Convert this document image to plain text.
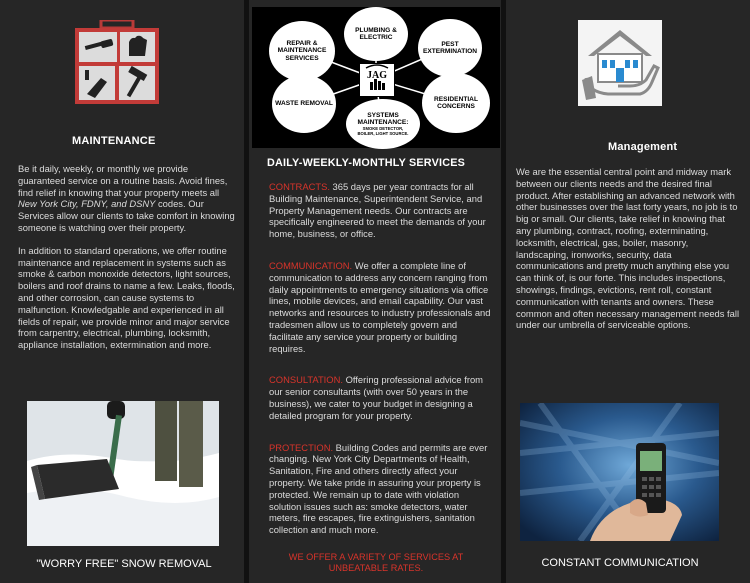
MAINTENANCE

Be it daily, weekly, or monthly we provide guaranteed service on a routine basis. Avoid fines, find relief in knowing that your property meets all New York City, FDNY, and DSNY codes. Our Services allow our clients to take comfort in knowing someone is watching over their property.

In addition to standard operations, we offer routine maintenance and replacement in systems such as smoke & carbon monoxide detectors, light sources, boilers and roof drains to name a few. Leaks, floods, and other corrosion, can cause systems to malfunction. Knowledgable and experienced in all fields of repair, we provide minor and major service from carpentry, electrical, plumbing, locksmith, appliance installation, extermination and more.

"WORRY FREE" SNOW REMOVAL
JAG
REPAIR & MAINTENANCE SERVICES
PLUMBING & ELECTRIC
PEST EXTERMINATION
RESIDENTIAL CONCERNS
SYSTEMS MAINTENANCE:
SMOKE DETECTOR, BOILER, LIGHT SOURCE.
WASTE REMOVAL
DAILY-WEEKLY-MONTHLY SERVICES

CONTRACTS. 365 days per year contracts for all Building Maintenance, Superintendent Service, and Property Management needs. Our contracts are specifically engineered to meet the demands of your home, business, or office.

COMMUNICATION. We offer a complete line of communication to address any concern ranging from daily appointments to emergency situations via office lines, mobile devices, and email capability. Our vast networks and resources to industry professionals and tradesmen allow us to completely govern and facilitate any service your property or building requires.

CONSULTATION. Offering professional advice from our senior consultants (with over 50 years in the business), we cater to your budget in designing a detailed program for your property.

PROTECTION. Building Codes and permits are ever changing. New York City Departments of Health, Sanitation, Fire and others directly affect your property. We take pride in assuring your property is protected. We remain up to date with violation solution issues such as: smoke detectors, water meters, fire escapes, fire extinguishers, sanitation collection and much more.

WE OFFER A VARIETY OF SERVICES AT UNBEATABLE RATES.
Management

We are the essential central point and midway mark between our clients needs and the desired final product. After establishing an advanced network with other businesses over the last forty years, no job is to big or small. Our clients, take relief in knowing that any plumbing, contract, roofing, exterminating, locksmith, electrical, gas, boiler, masonry, landscaping, ironworks, security, data communications and pretty much anything else you can think of, is our forte. This includes inspections, showings, findings, evictions, rent roll, constant communication with tenants and owners. These common and often necessary management needs fall under our umbrella of serviceable options.

CONSTANT COMMUNICATION
